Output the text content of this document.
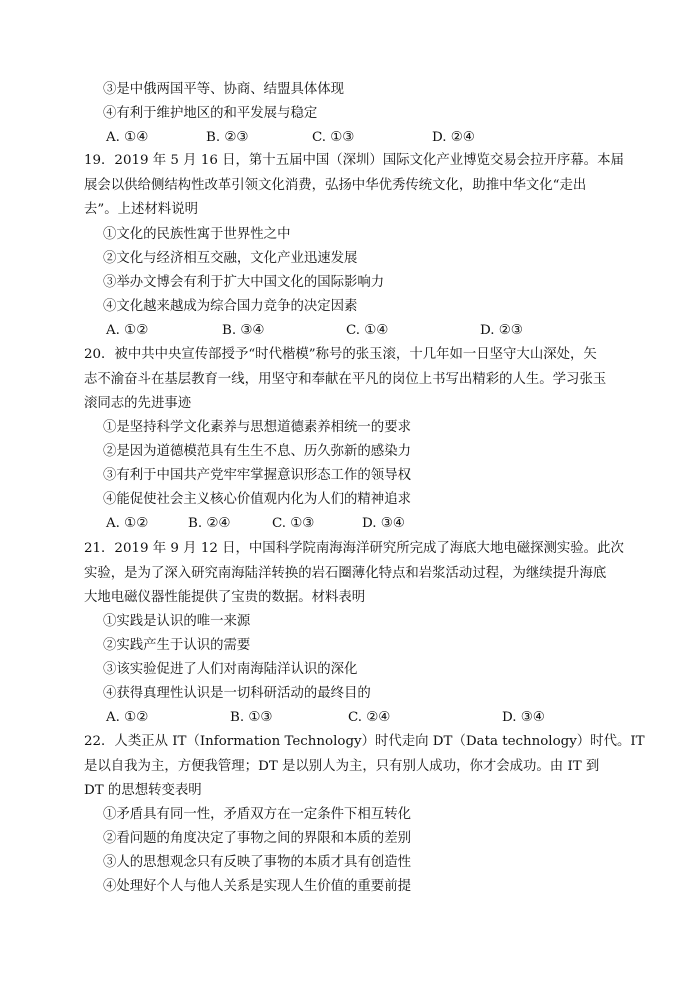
③是中俄两国平等、协商、结盟具体体现
④有利于维护地区的和平发展与稳定
A. ①④	B. ②③	C. ①③	D. ②④
19．2019 年 5 月 16 日，第十五届中国（深圳）国际文化产业博览交易会拉开序幕。本届
展会以供给侧结构性改革引领文化消费，弘扬中华优秀传统文化，助推中华文化“走出
去”。上述材料说明
①文化的民族性寓于世界性之中
②文化与经济相互交融，文化产业迅速发展
③举办文博会有利于扩大中国文化的国际影响力
④文化越来越成为综合国力竞争的决定因素
A. ①②	B. ③④	C. ①④	D. ②③
20．被中共中央宣传部授予“时代楷模”称号的张玉滚，十几年如一日坚守大山深处，矢
志不渝奋斗在基层教育一线，用坚守和奉献在平凡的岗位上书写出精彩的人生。学习张玉
滚同志的先进事迹
①是坚持科学文化素养与思想道德素养相统一的要求
②是因为道德模范具有生生不息、历久弥新的感染力
③有利于中国共产党牢牢掌握意识形态工作的领导权
④能促使社会主义核心价值观内化为人们的精神追求
A. ①②	B. ②④	C. ①③	D. ③④
21．2019 年 9 月 12 日，中国科学院南海海洋研究所完成了海底大地电磁探测实验。此次
实验，是为了深入研究南海陆洋转换的岩石圈薄化特点和岩浆活动过程，为继续提升海底
大地电磁仪器性能提供了宝贵的数据。材料表明
①实践是认识的唯一来源
②实践产生于认识的需要
③该实验促进了人们对南海陆洋认识的深化
④获得真理性认识是一切科研活动的最终目的
A. ①②	B. ①③	C. ②④	D. ③④
22．人类正从 IT（Information Technology）时代走向 DT（Data technology）时代。IT
是以自我为主，方便我管理；DT 是以别人为主，只有别人成功，你才会成功。由 IT 到
DT 的思想转变表明
①矛盾具有同一性，矛盾双方在一定条件下相互转化
②看问题的角度决定了事物之间的界限和本质的差别
③人的思想观念只有反映了事物的本质才具有创造性
④处理好个人与他人关系是实现人生价值的重要前提
